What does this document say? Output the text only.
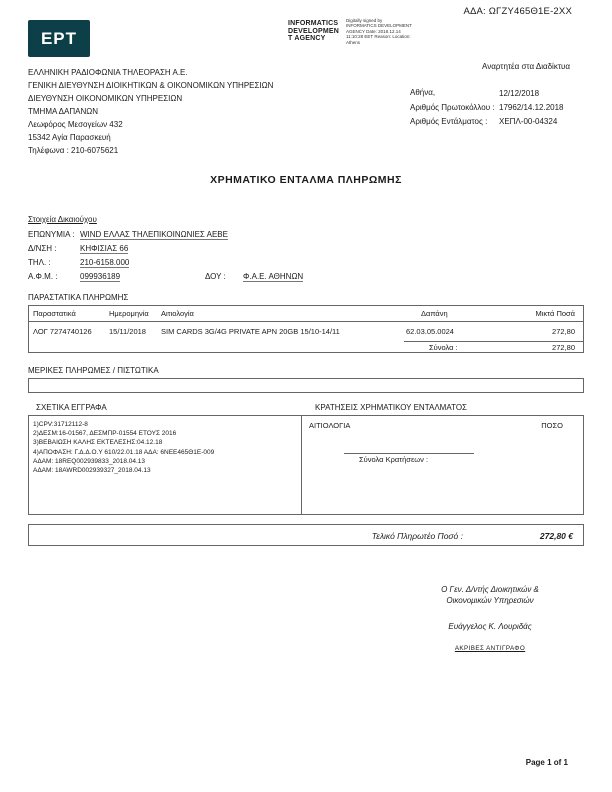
ΑΔΑ: ΩΓΖΥ465Θ1Ε-2ΧΧ
ΕΡΤ
INFORMATICS
DEVELOPMEN
T AGENCY
Digitally signed by INFORMATICS DEVELOPMENT AGENCY Date: 2018.12.14 11:10:28 EET Reason: Location: Athens
ΕΛΛΗΝΙΚΗ ΡΑΔΙΟΦΩΝΙΑ ΤΗΛΕΟΡΑΣΗ Α.Ε.
ΓΕΝΙΚΗ ΔΙΕΥΘΥΝΣΗ ΔΙΟΙΚΗΤΙΚΩΝ & ΟΙΚΟΝΟΜΙΚΩΝ ΥΠΗΡΕΣΙΩΝ
ΔΙΕΥΘΥΝΣΗ ΟΙΚΟΝΟΜΙΚΩΝ ΥΠΗΡΕΣΙΩΝ
ΤΜΗΜΑ ΔΑΠΑΝΩΝ
Λεωφόρος Μεσογείων 432
15342 Αγία Παρασκευή
Τηλέφωνα : 210-6075621
Αναρτητέα στα Διαδίκτυα
Αθήνα,	12/12/2018
Αριθμός Πρωτοκόλλου : 17962/14.12.2018
Αριθμός Εντάλματος : ΧΕΠΛ-00-04324
ΧΡΗΜΑΤΙΚΟ ΕΝΤΑΛΜΑ ΠΛΗΡΩΜΗΣ
Στοιχεία Δικαιούχου
ΕΠΩΝΥΜΙΑ : WIND ΕΛΛΑΣ ΤΗΛΕΠΙΚΟΙΝΩΝΙΕΣ ΑΕΒΕ
Δ/ΝΣΗ :	ΚΗΦΙΣΙΑΣ 66
ΤΗΛ. :	210-6158.000
Α.Φ.Μ. :	099936189	ΔΟΥ : Φ.Α.Ε. ΑΘΗΝΩΝ
ΠΑΡΑΣΤΑΤΙΚΑ ΠΛΗΡΩΜΗΣ
Παραστατικά	Ημερομηνία Αιτιολογία	Δαπάνη	Μικτά Ποσά
ΛΟΓ 7274740126 15/11/2018 SIM CARDS 3G/4G PRIVATE APN 20GB 15/10-14/11	62.03.05.0024	272,80
Σύνολα :	272,80
ΜΕΡΙΚΕΣ ΠΛΗΡΩΜΕΣ / ΠΙΣΤΩΤΙΚΑ
ΣΧΕΤΙΚΑ ΕΓΓΡΑΦΑ	ΚΡΑΤΗΣΕΙΣ ΧΡΗΜΑΤΙΚΟΥ ΕΝΤΑΛΜΑΤΟΣ
1)CPV:31712112-8
2)ΔΕΣΜ:16-01567, ΔΕΣΜΠΡ-01554 ΕΤΟΥΣ 2016
3)ΒΕΒΑΙΩΣΗ ΚΑΛΗΣ ΕΚΤΕΛΕΣΗΣ:04.12.18
4)ΑΠΟΦΑΣΗ: Γ.Δ.Δ.Ο.Υ 610/22.01.18 ΑΔΑ: 6ΝΕΕ465Θ1Ε-009
ΑΔΑΜ: 18REQ002939833_2018.04.13
ΑΔΑΜ: 18AWRD002939327_2018.04.13
ΑΙΤΙΟΛΟΓΙΑ	ΠΟΣΟ
Σύνολα Κρατήσεων :
Τελικό Πληρωτέο Ποσό :	272,80 €
Ο Γεν. Δ/ντής Διοικητικών &
Οικονομικών Υπηρεσιών
Ευάγγελος Κ. Λουριδάς
ΑΚΡΙΒΕΣ ΑΝΤΙΓΡΑΦΟ
Page 1 of 1
